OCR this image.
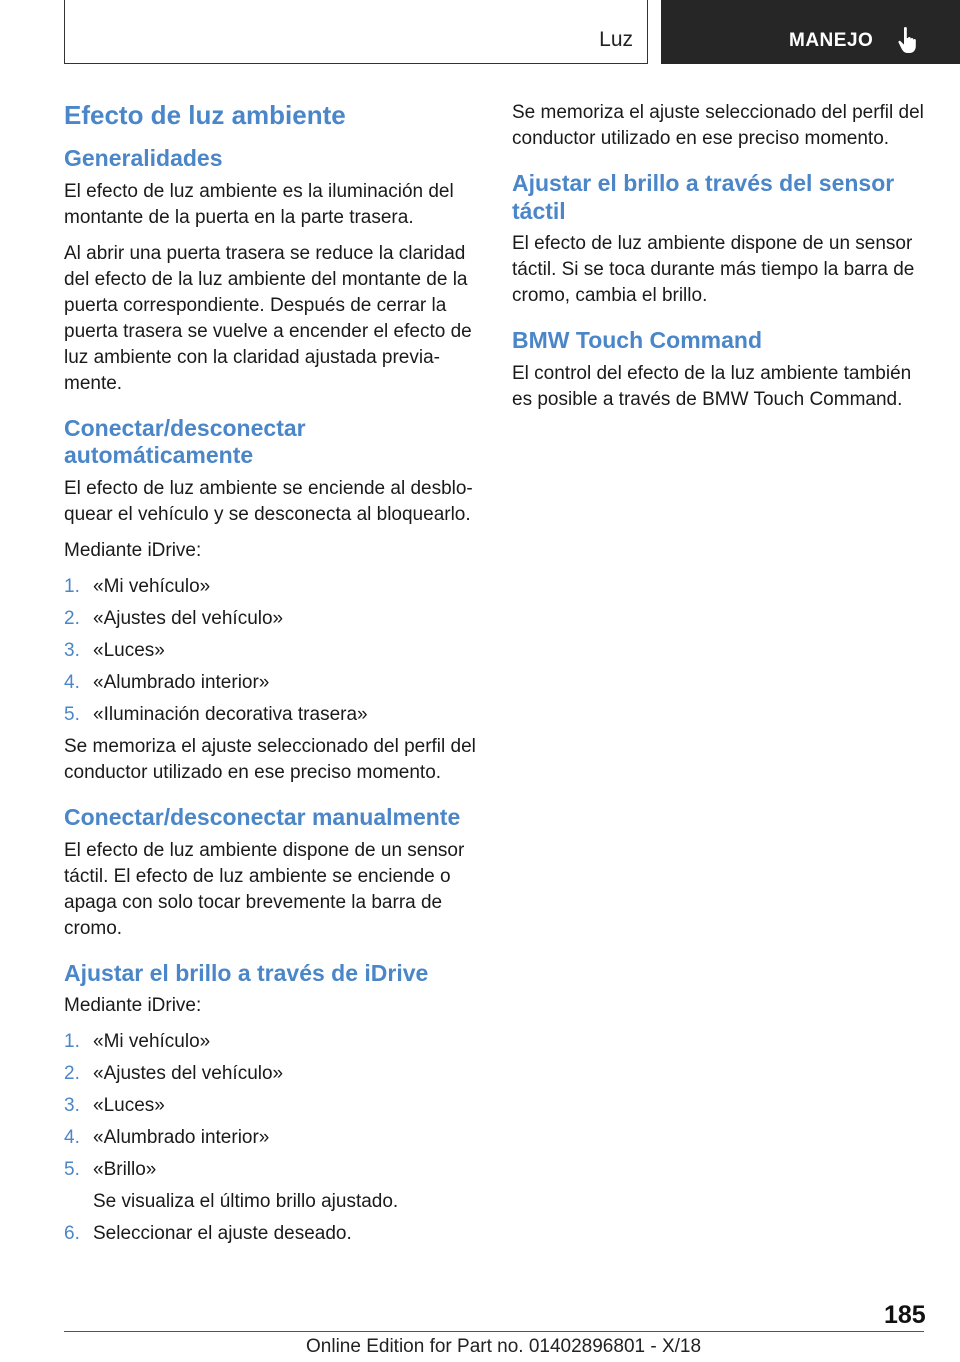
Luz	MANEJO
Efecto de luz ambiente
Generalidades

El efecto de luz ambiente es la iluminación del montante de la puerta en la parte trasera.

Al abrir una puerta trasera se reduce la claridad del efecto de la luz ambiente del montante de la puerta correspondiente. Después de cerrar la puerta trasera se vuelve a encender el efecto de luz ambiente con la claridad ajustada previa‐mente.

Conectar/desconectar automáticamente

El efecto de luz ambiente se enciende al desblo‐quear el vehículo y se desconecta al bloquearlo.

Mediante iDrive:

1. «Mi vehículo»
2. «Ajustes del vehículo»
3. «Luces»
4. «Alumbrado interior»
5. «Iluminación decorativa trasera»

Se memoriza el ajuste seleccionado del perfil del conductor utilizado en ese preciso momento.

Conectar/desconectar manualmente

El efecto de luz ambiente dispone de un sensor táctil. El efecto de luz ambiente se enciende o apaga con solo tocar brevemente la barra de cromo.

Ajustar el brillo a través de iDrive

Mediante iDrive:

1. «Mi vehículo»
2. «Ajustes del vehículo»
3. «Luces»
4. «Alumbrado interior»
5. «Brillo»
Se visualiza el último brillo ajustado.
6. Seleccionar el ajuste deseado.

Se memoriza el ajuste seleccionado del perfil del conductor utilizado en ese preciso momento.

Ajustar el brillo a través del sensor táctil

El efecto de luz ambiente dispone de un sensor táctil. Si se toca durante más tiempo la barra de cromo, cambia el brillo.

BMW Touch Command

El control del efecto de la luz ambiente también es posible a través de BMW Touch Command.

185
Online Edition for Part no. 01402896801 - X/18
